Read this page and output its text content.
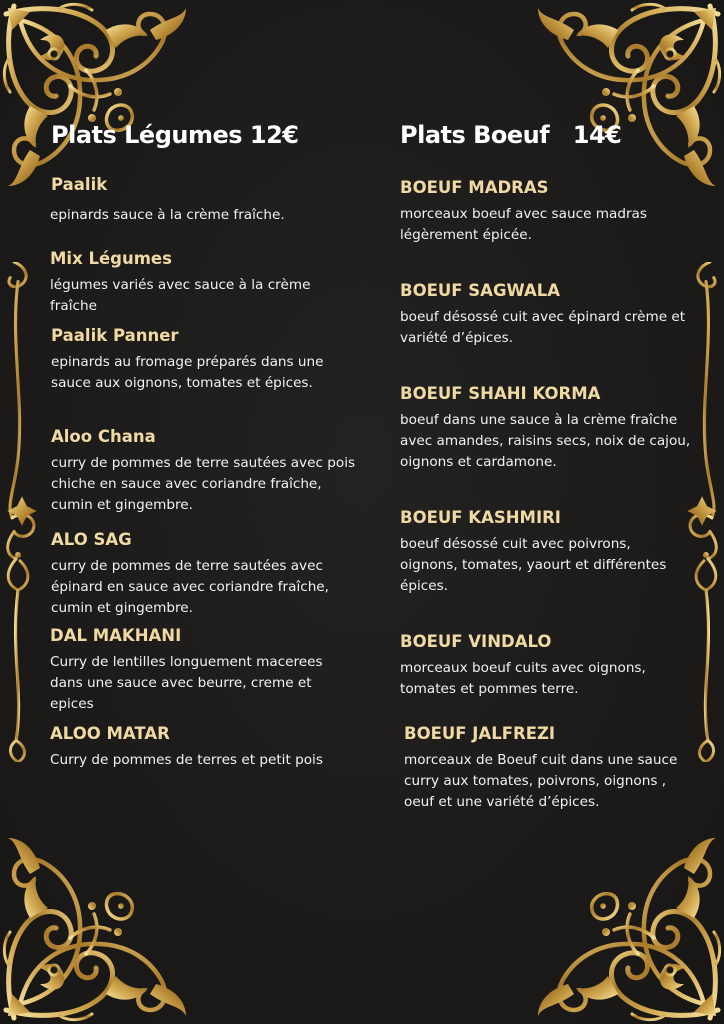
Plats Légumes 12€

Paalik

epinards sauce à la crème fraîche.

Mix Légumes

légumes variés avec sauce à la crème fraîche

Paalik Panner

epinards au fromage préparés dans une sauce aux oignons, tomates et épices.

Aloo Chana

curry de pommes de terre sautées avec pois chiche en sauce avec coriandre fraîche, cumin et gingembre.

ALO SAG

curry de pommes de terre sautées avec épinard en sauce avec coriandre fraîche, cumin et gingembre.

DAL MAKHANI

Curry de lentilles longuement macerees dans une sauce avec beurre, creme et epices

ALOO MATAR

Curry de pommes de terres et petit pois

Plats Boeuf   14€

BOEUF MADRAS

morceaux boeuf avec sauce madras légèrement épicée.

BOEUF SAGWALA

boeuf désossé cuit avec épinard crème et variété d’épices.

BOEUF SHAHI KORMA

boeuf dans une sauce à la crème fraîche avec amandes, raisins secs, noix de cajou, oignons et cardamone.

BOEUF KASHMIRI

boeuf désossé cuit avec poivrons, oignons, tomates, yaourt et différentes épices.

BOEUF VINDALO

morceaux boeuf cuits avec oignons, tomates et pommes terre.

BOEUF JALFREZI

morceaux de Boeuf cuit dans une sauce curry aux tomates, poivrons, oignons , oeuf et une variété d’épices.
